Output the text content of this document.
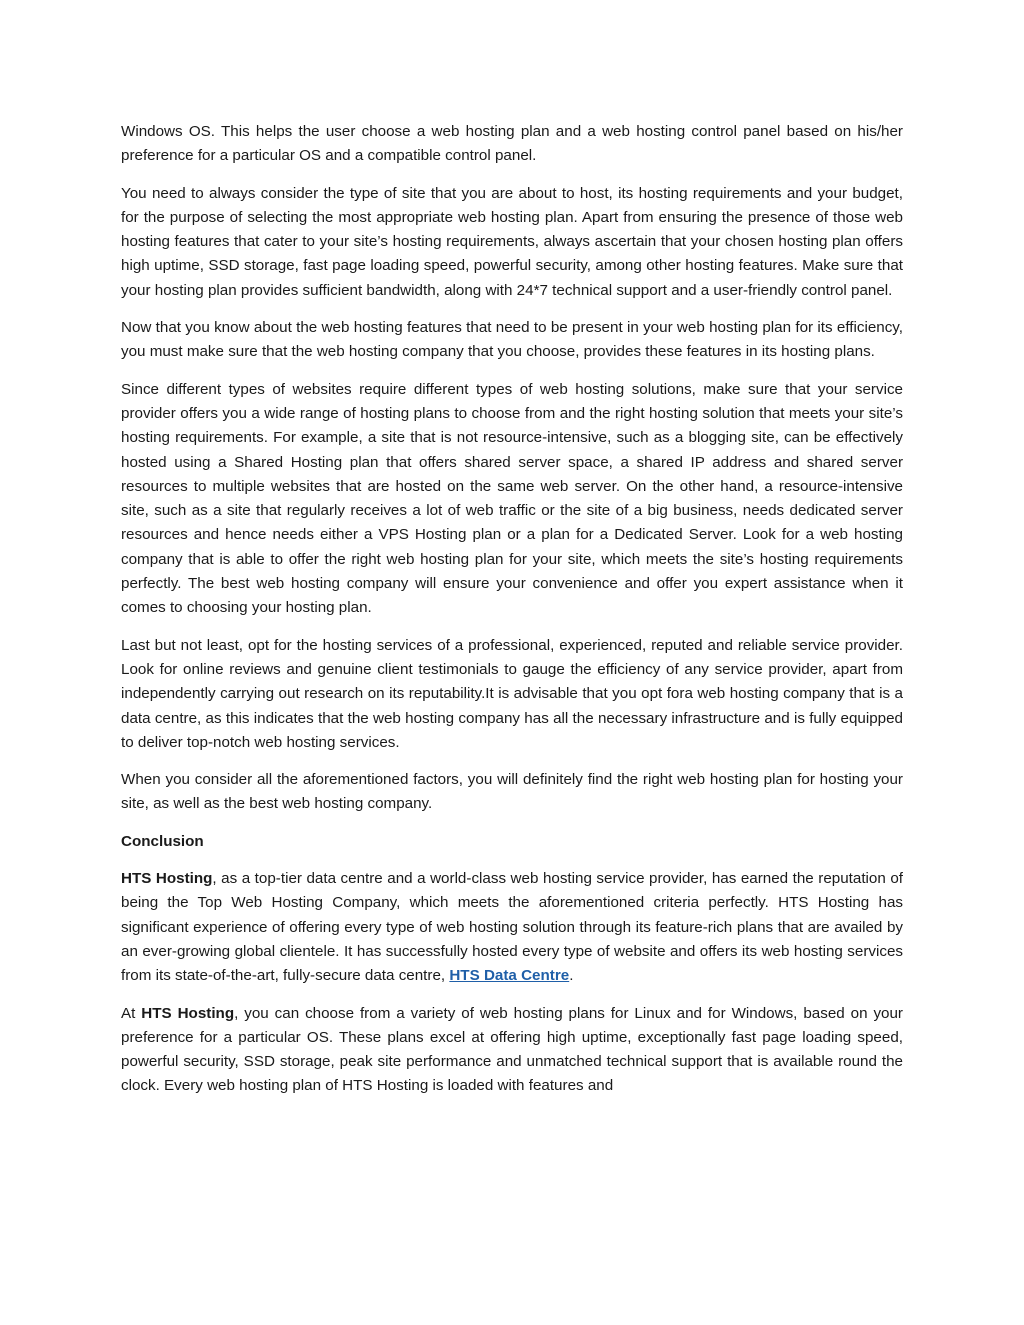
Windows OS. This helps the user choose a web hosting plan and a web hosting control panel based on his/her preference for a particular OS and a compatible control panel.

You need to always consider the type of site that you are about to host, its hosting requirements and your budget, for the purpose of selecting the most appropriate web hosting plan. Apart from ensuring the presence of those web hosting features that cater to your site’s hosting requirements, always ascertain that your chosen hosting plan offers high uptime, SSD storage, fast page loading speed, powerful security, among other hosting features. Make sure that your hosting plan provides sufficient bandwidth, along with 24*7 technical support and a user-friendly control panel.

Now that you know about the web hosting features that need to be present in your web hosting plan for its efficiency, you must make sure that the web hosting company that you choose, provides these features in its hosting plans.

Since different types of websites require different types of web hosting solutions, make sure that your service provider offers you a wide range of hosting plans to choose from and the right hosting solution that meets your site’s hosting requirements. For example, a site that is not resource-intensive, such as a blogging site, can be effectively hosted using a Shared Hosting plan that offers shared server space, a shared IP address and shared server resources to multiple websites that are hosted on the same web server. On the other hand, a resource-intensive site, such as a site that regularly receives a lot of web traffic or the site of a big business, needs dedicated server resources and hence needs either a VPS Hosting plan or a plan for a Dedicated Server. Look for a web hosting company that is able to offer the right web hosting plan for your site, which meets the site’s hosting requirements perfectly. The best web hosting company will ensure your convenience and offer you expert assistance when it comes to choosing your hosting plan.

Last but not least, opt for the hosting services of a professional, experienced, reputed and reliable service provider. Look for online reviews and genuine client testimonials to gauge the efficiency of any service provider, apart from independently carrying out research on its reputability.It is advisable that you opt fora web hosting company that is a data centre, as this indicates that the web hosting company has all the necessary infrastructure and is fully equipped to deliver top-notch web hosting services.

When you consider all the aforementioned factors, you will definitely find the right web hosting plan for hosting your site, as well as the best web hosting company.

Conclusion

HTS Hosting, as a top-tier data centre and a world-class web hosting service provider, has earned the reputation of being the Top Web Hosting Company, which meets the aforementioned criteria perfectly. HTS Hosting has significant experience of offering every type of web hosting solution through its feature-rich plans that are availed by an ever-growing global clientele. It has successfully hosted every type of website and offers its web hosting services from its state-of-the-art, fully-secure data centre, HTS Data Centre.

At HTS Hosting, you can choose from a variety of web hosting plans for Linux and for Windows, based on your preference for a particular OS. These plans excel at offering high uptime, exceptionally fast page loading speed, powerful security, SSD storage, peak site performance and unmatched technical support that is available round the clock. Every web hosting plan of HTS Hosting is loaded with features and
